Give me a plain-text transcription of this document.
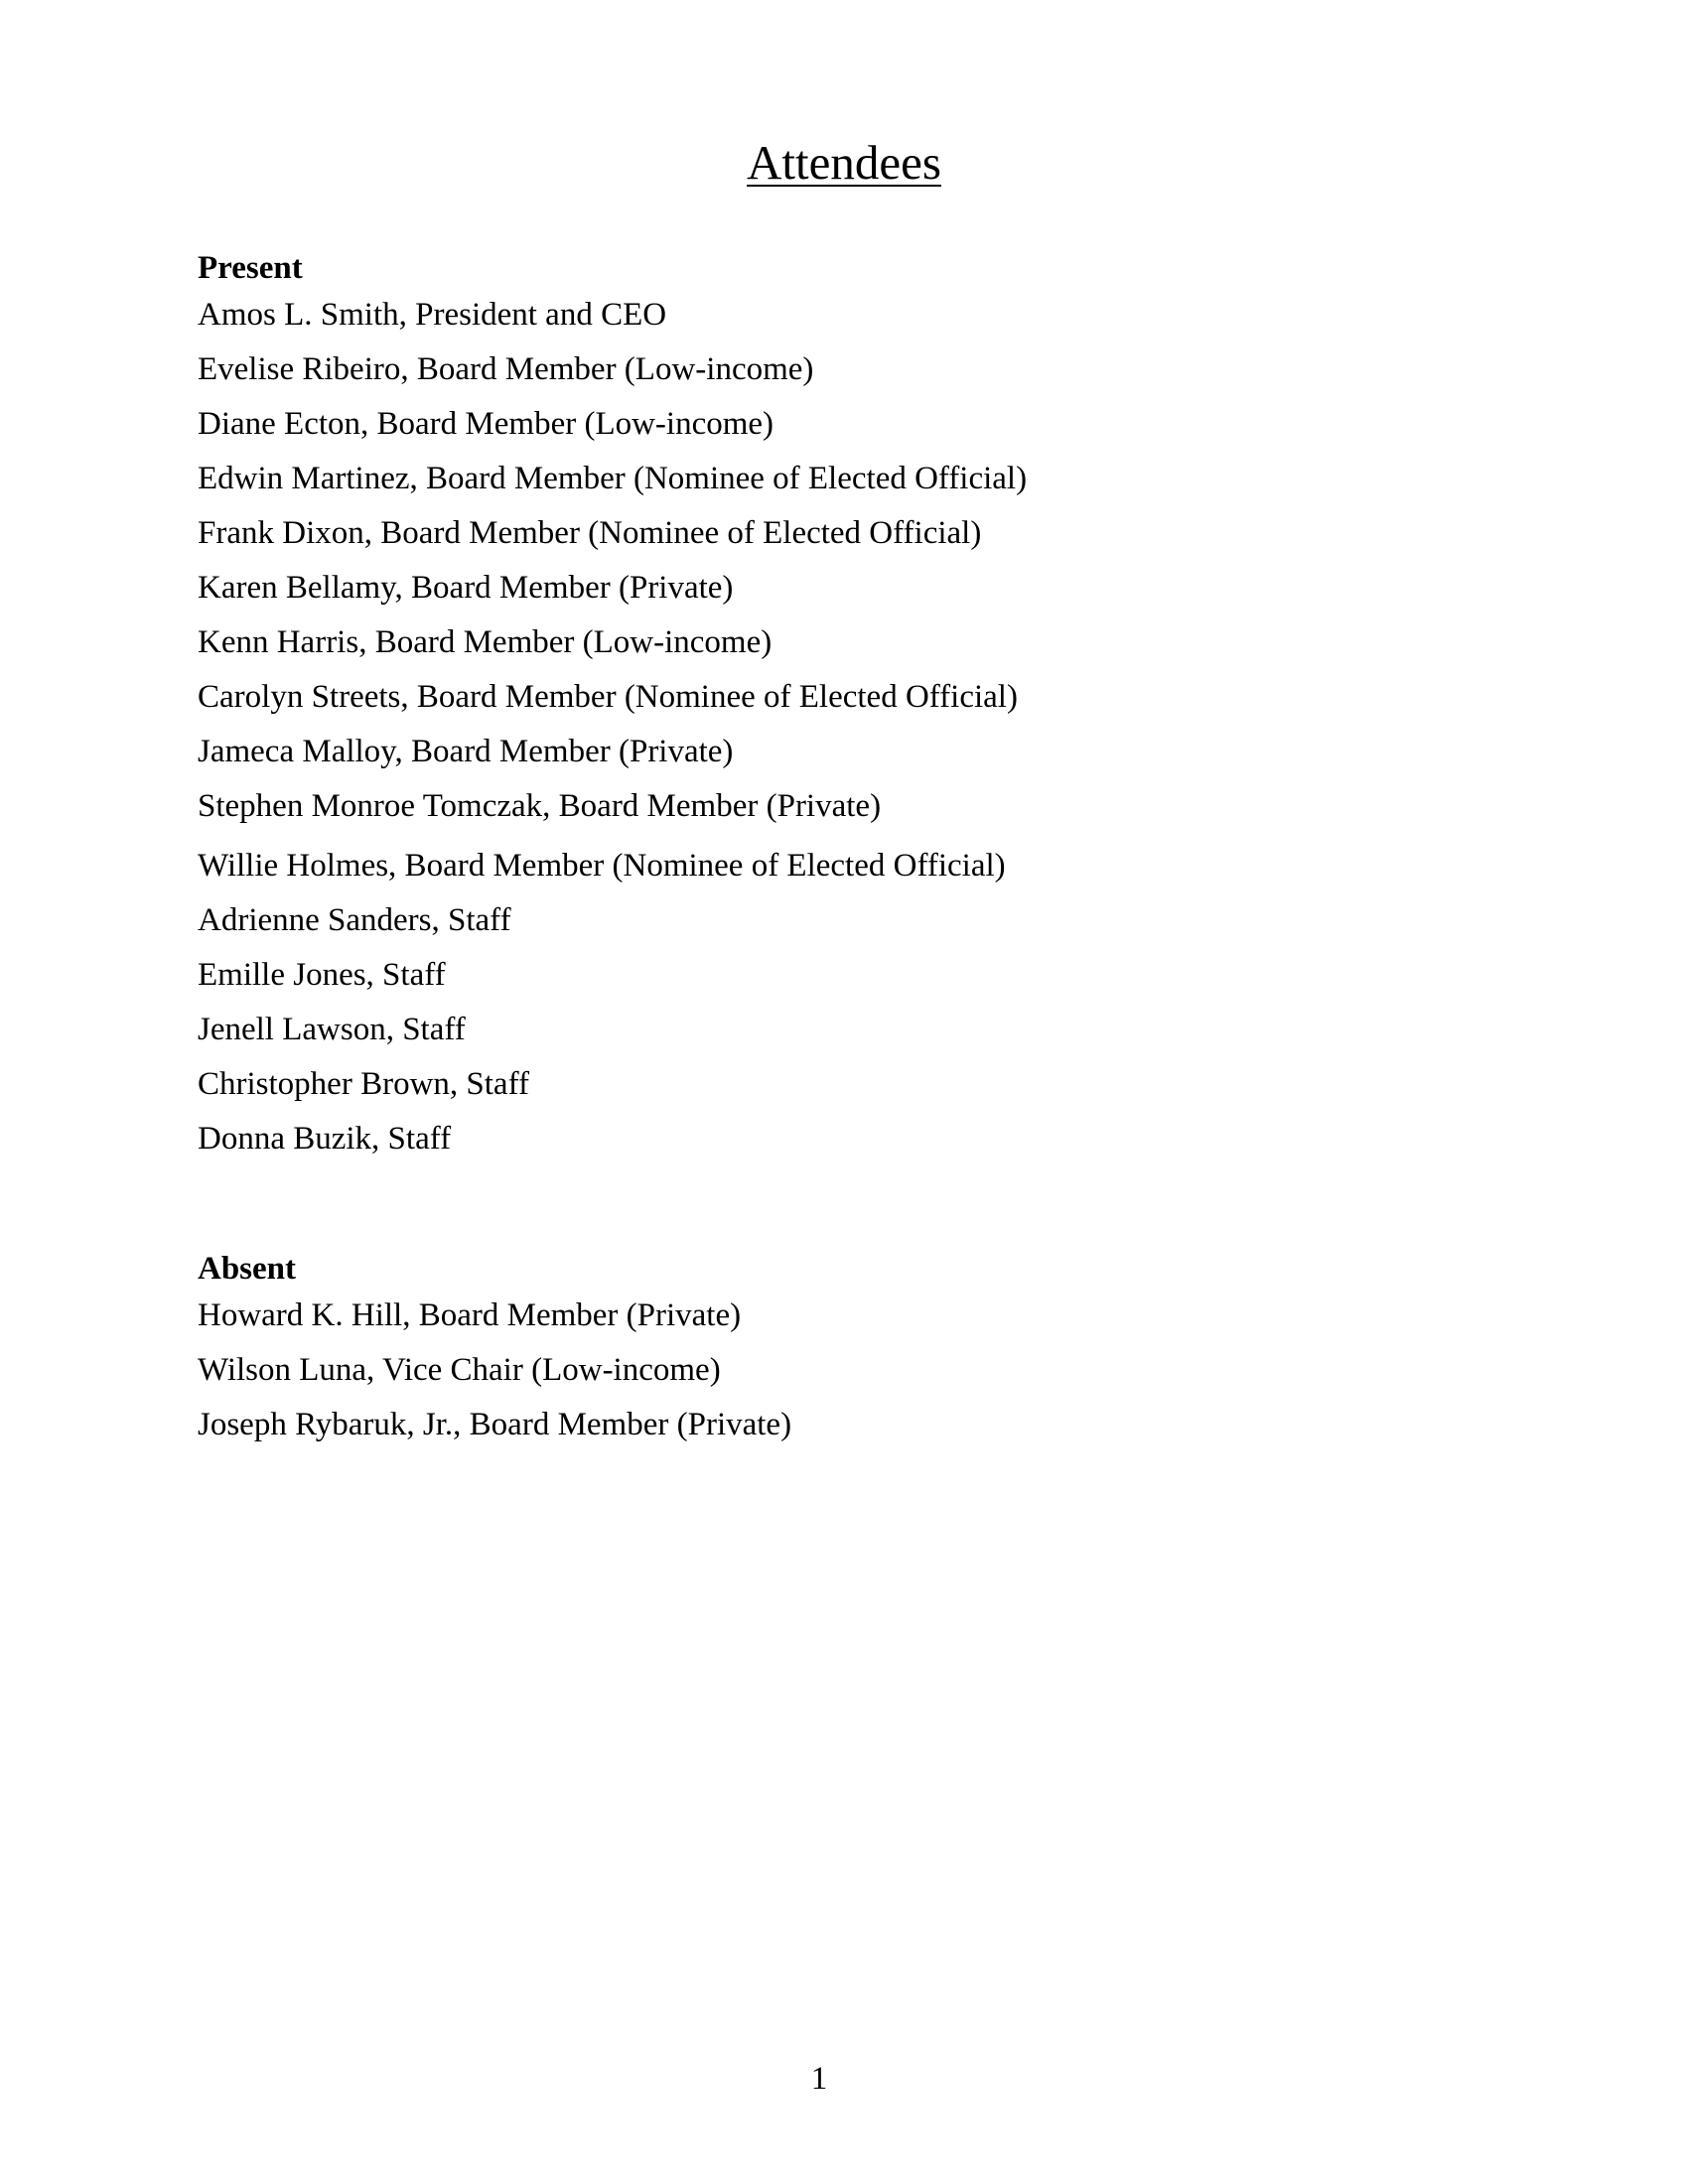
Attendees
Present
Amos L. Smith, President and CEO
Evelise Ribeiro, Board Member (Low-income)
Diane Ecton, Board Member (Low-income)
Edwin Martinez, Board Member (Nominee of Elected Official)
Frank Dixon, Board Member (Nominee of Elected Official)
Karen Bellamy, Board Member (Private)
Kenn Harris, Board Member (Low-income)
Carolyn Streets, Board Member (Nominee of Elected Official)
Jameca Malloy, Board Member (Private)
Stephen Monroe Tomczak, Board Member (Private)
Willie Holmes, Board Member (Nominee of Elected Official)
Adrienne Sanders, Staff
Emille Jones, Staff
Jenell Lawson, Staff
Christopher Brown, Staff
Donna Buzik, Staff
Absent
Howard K. Hill, Board Member (Private)
Wilson Luna, Vice Chair (Low-income)
Joseph Rybaruk, Jr., Board Member (Private)
1
